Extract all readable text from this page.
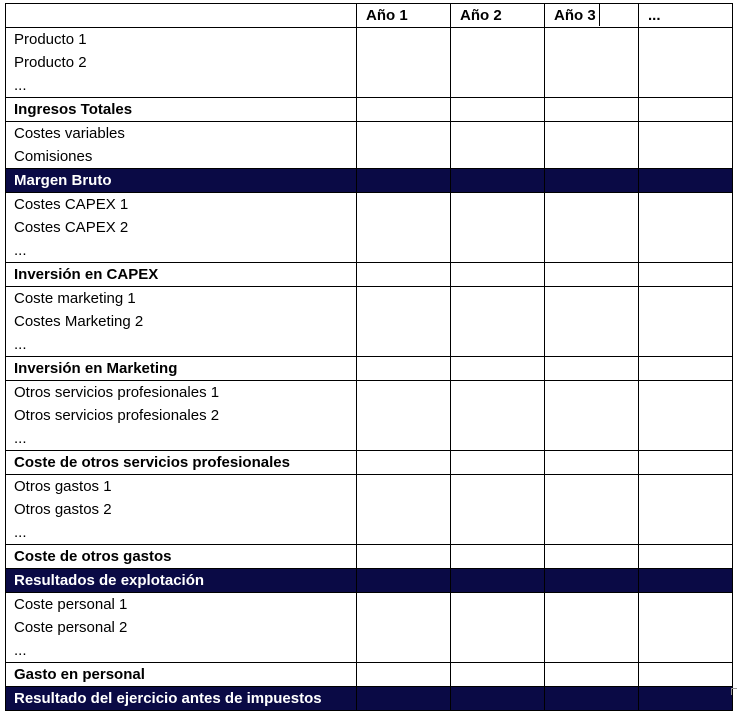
	Año 1	Año 2	Año 3	...

Producto 1
Producto 2
...				

Ingresos Totales				

Costes variables
Comisiones				

Margen Bruto				

Costes CAPEX 1
Costes CAPEX 2
...				

Inversión en CAPEX				

Coste marketing 1
Costes Marketing 2
...				

Inversión en Marketing				

Otros servicios profesionales 1
Otros servicios profesionales 2
...				

Coste de otros servicios profesionales				

Otros gastos 1
Otros gastos 2
...				

Coste de otros gastos				
Resultados de explotación				

Coste personal 1
Coste personal 2
...				

Gasto en personal				
Resultado del ejercicio antes de impuestos				
